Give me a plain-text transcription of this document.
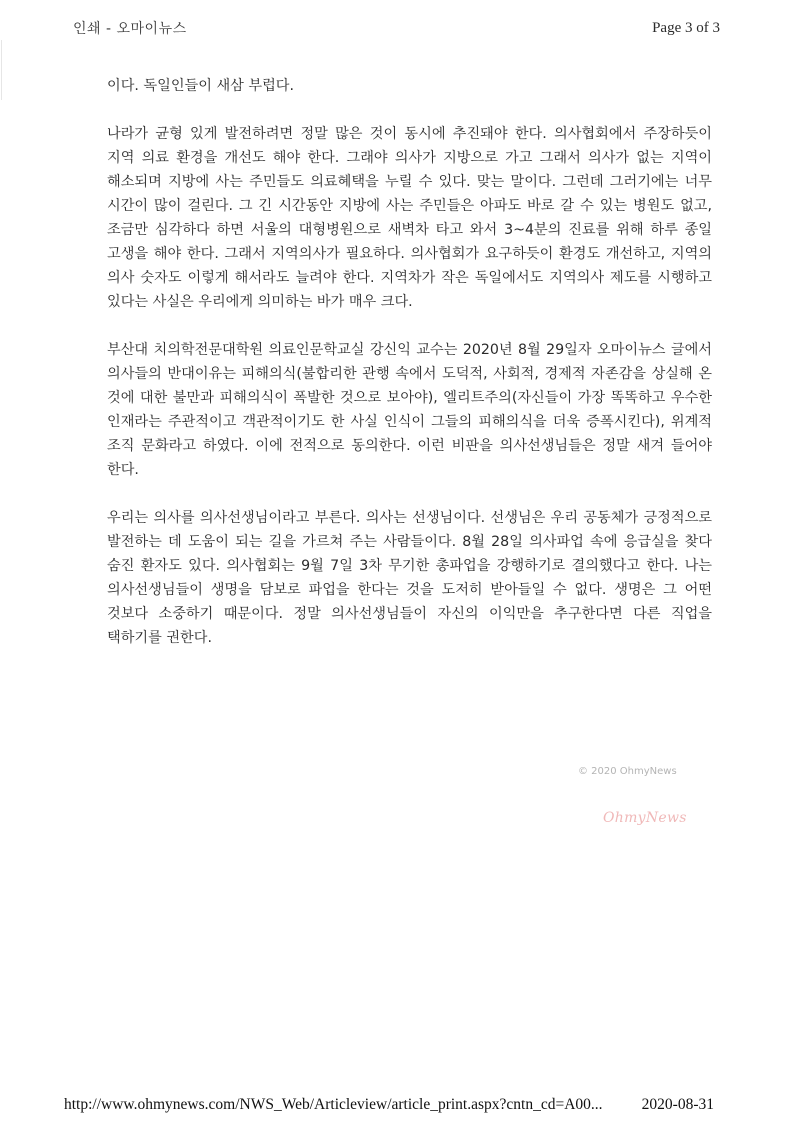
인쇄 - 오마이뉴스	Page 3 of 3

이다. 독일인들이 새삼 부럽다.

나라가 균형 있게 발전하려면 정말 많은 것이 동시에 추진돼야 한다. 의사협회에서 주장하듯이 지역 의료 환경을 개선도 해야 한다. 그래야 의사가 지방으로 가고 그래서 의사가 없는 지역이 해소되며 지방에 사는 주민들도 의료혜택을 누릴 수 있다. 맞는 말이다. 그런데 그러기에는 너무 시간이 많이 걸린다. 그 긴 시간동안 지방에 사는 주민들은 아파도 바로 갈 수 있는 병원도 없고, 조금만 심각하다 하면 서울의 대형병원으로 새벽차 타고 와서 3~4분의 진료를 위해 하루 종일 고생을 해야 한다. 그래서 지역의사가 필요하다. 의사협회가 요구하듯이 환경도 개선하고, 지역의 의사 숫자도 이렇게 해서라도 늘려야 한다. 지역차가 작은 독일에서도 지역의사 제도를 시행하고 있다는 사실은 우리에게 의미하는 바가 매우 크다.

부산대 치의학전문대학원 의료인문학교실 강신익 교수는 2020년 8월 29일자 오마이뉴스 글에서 의사들의 반대이유는 피해의식(불합리한 관행 속에서 도덕적, 사회적, 경제적 자존감을 상실해 온 것에 대한 불만과 피해의식이 폭발한 것으로 보아야), 엘리트주의(자신들이 가장 똑똑하고 우수한 인재라는 주관적이고 객관적이기도 한 사실 인식이 그들의 피해의식을 더욱 증폭시킨다), 위계적 조직 문화라고 하였다. 이에 전적으로 동의한다. 이런 비판을 의사선생님들은 정말 새겨 들어야 한다.

우리는 의사를 의사선생님이라고 부른다. 의사는 선생님이다. 선생님은 우리 공동체가 긍정적으로 발전하는 데 도움이 되는 길을 가르쳐 주는 사람들이다. 8월 28일 의사파업 속에 응급실을 찾다 숨진 환자도 있다. 의사협회는 9월 7일 3차 무기한 총파업을 강행하기로 결의했다고 한다. 나는 의사선생님들이 생명을 담보로 파업을 한다는 것을 도저히 받아들일 수 없다. 생명은 그 어떤 것보다 소중하기 때문이다. 정말 의사선생님들이 자신의 이익만을 추구한다면 다른 직업을 택하기를 권한다.

© 2020 OhmyNews
OhmyNews
http://www.ohmynews.com/NWS_Web/Articleview/article_print.aspx?cntn_cd=A00...	2020-08-31
